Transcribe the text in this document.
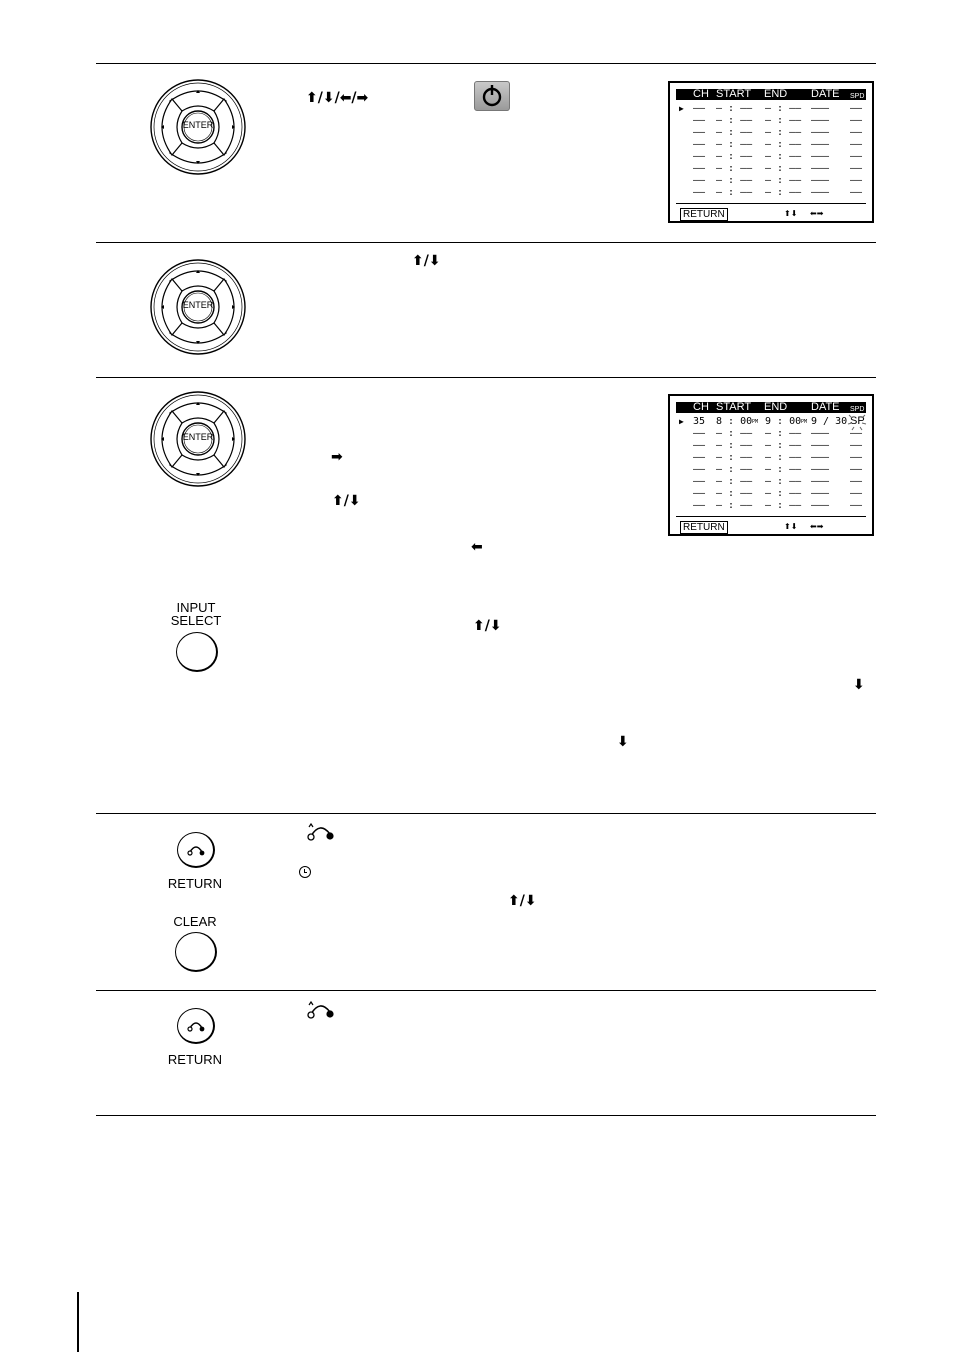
ENTER
⬆/⬇/⬅/➡	CH START END DATE SPD
▶ –– – : –– – : –– ––– ––
–– – : –– – : –– ––– ––
–– – : –– – : –– ––– ––
–– – : –– – : –– ––– ––
–– – : –– – : –– ––– ––
–– – : –– – : –– ––– ––
–– – : –– – : –– ––– ––
–– – : –– – : –– ––– ––
RETURN	⬆⬇ ⬅➡
ENTER
⬆/⬇
ENTER
➡
⬆/⬇
⬅
⬆/⬇
⬇
⬇
CH START END DATE SPD
▶ 35 8 : 00 PM 9 : 00 PM 9 / 30 SP
–– – : –– – : –– ––– ––
–– – : –– – : –– ––– ––
–– – : –– – : –– ––– ––
–– – : –– – : –– ––– ––
–– – : –– – : –– ––– ––
–– – : –– – : –– ––– ––
–– – : –– – : –– ––– ––
RETURN	⬆⬇ ⬅➡
INPUT
SELECT
RETURN
CLEAR
⬆/⬇
RETURN
